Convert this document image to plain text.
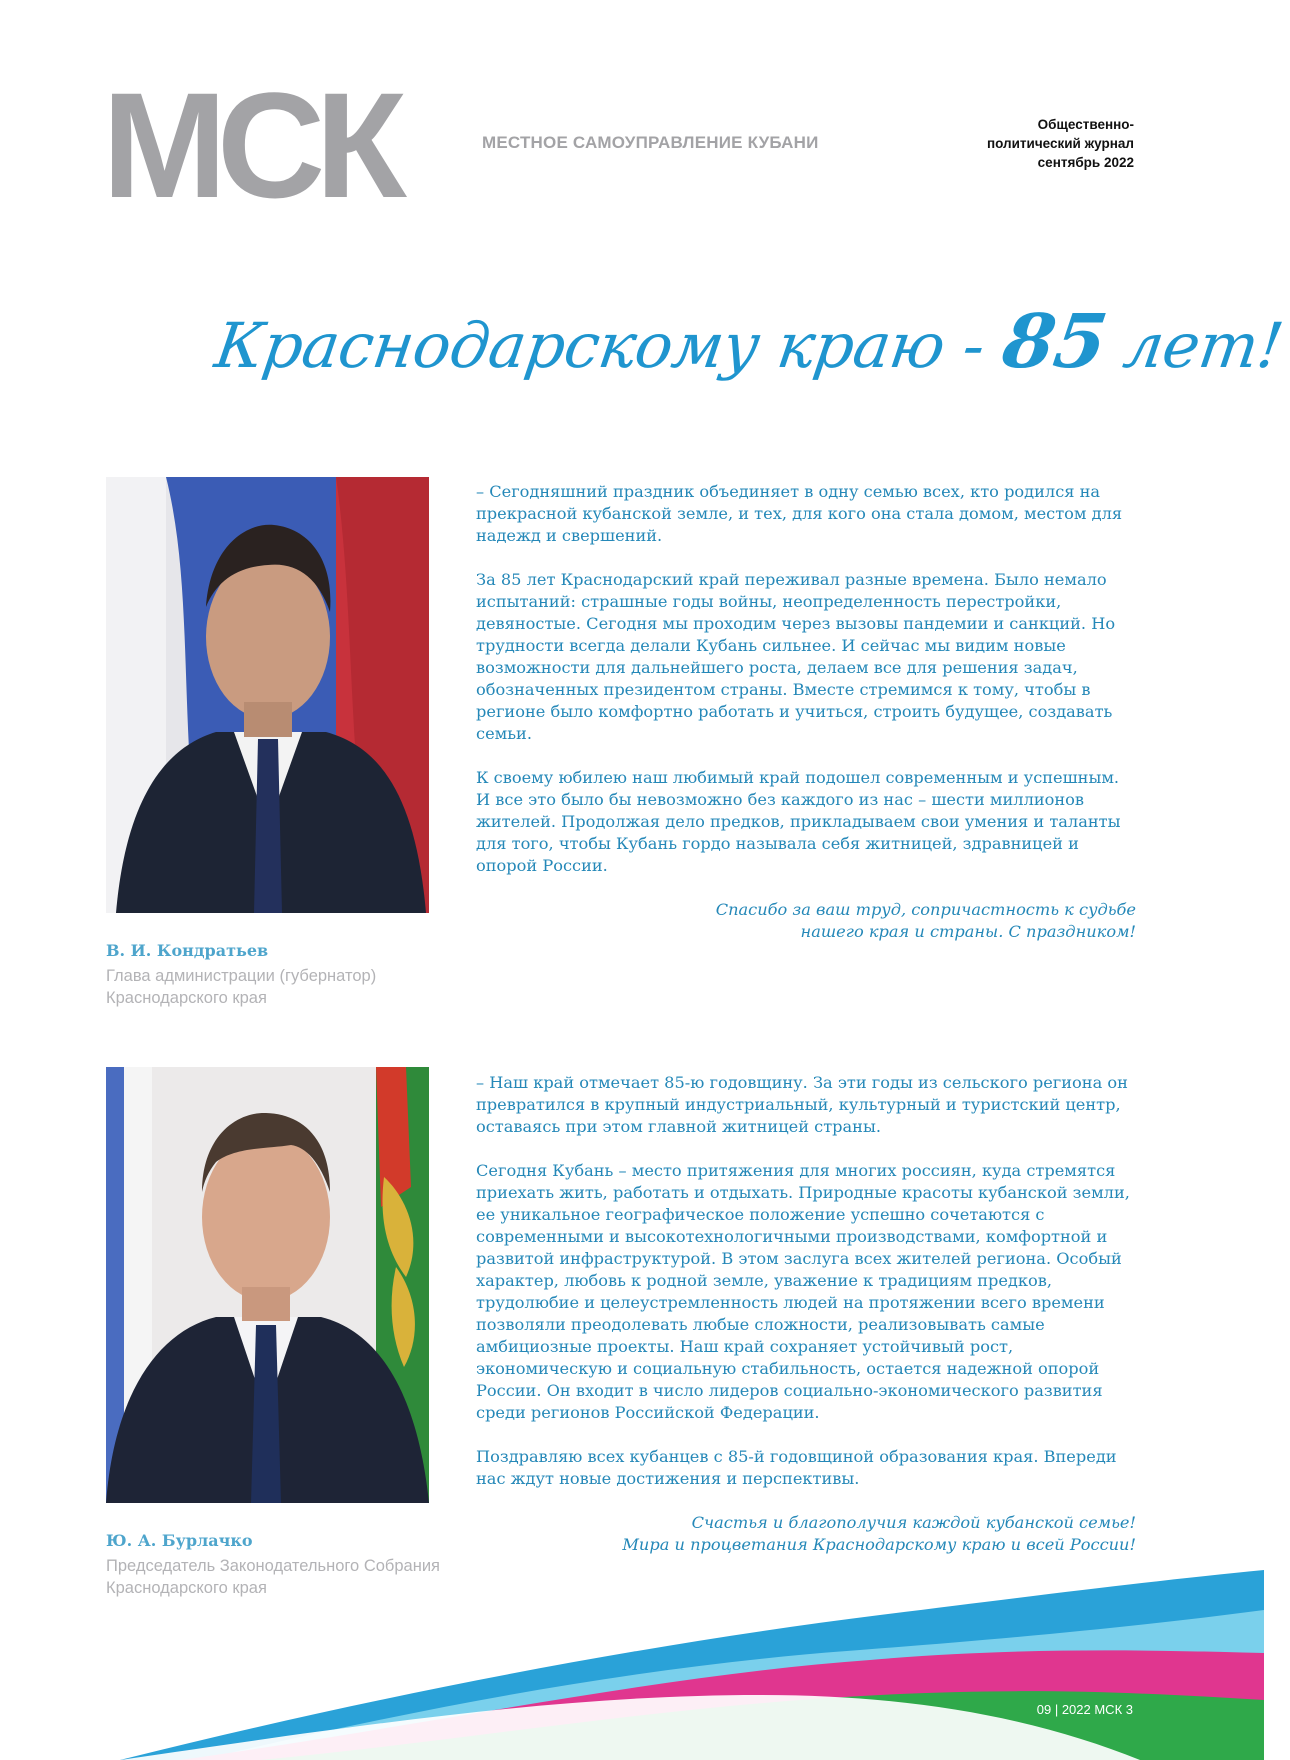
МСК	МЕСТНОЕ САМОУПРАВЛЕНИЕ КУБАНИ
Общественно-
политический журнал
сентябрь 2022
Краснодарскому краю - 85 лет!

В. И. Кондратьев

Глава администрации (губернатор)

Краснодарского края

– Сегодняшний праздник объединяет в одну семью всех, кто родился на прекрасной кубанской земле, и тех, для кого она стала домом, местом для надежд и свершений.

За 85 лет Краснодарский край переживал разные времена. Было немало испытаний: страшные годы войны, неопределенность перестройки, девяностые. Сегодня мы проходим через вызовы пандемии и санкций. Но трудности всегда делали Кубань сильнее. И сейчас мы видим новые возможности для дальнейшего роста, делаем все для решения задач, обозначенных президентом страны. Вместе стремимся к тому, чтобы в регионе было комфортно работать и учиться, строить будущее, создавать семьи.

К своему юбилею наш любимый край подошел современным и успешным. И все это было бы невозможно без каждого из нас – шести миллионов жителей. Продолжая дело предков, прикладываем свои умения и таланты для того, чтобы Кубань гордо называла себя житницей, здравницей и опорой России.

Спасибо за ваш труд, сопричастность к судьбе
нашего края и страны. С праздником!

Ю. А. Бурлачко

Председатель Законодательного Собрания

Краснодарского края

– Наш край отмечает 85-ю годовщину. За эти годы из сельского региона он превратился в крупный индустриальный, культурный и туристский центр, оставаясь при этом главной житницей страны.

Сегодня Кубань – место притяжения для многих россиян, куда стремятся приехать жить, работать и отдыхать. Природные красоты кубанской земли, ее уникальное географическое положение успешно сочетаются с современными и высокотехнологичными производствами, комфортной и развитой инфраструктурой. В этом заслуга всех жителей региона. Особый характер, любовь к родной земле, уважение к традициям предков, трудолюбие и целеустремленность людей на протяжении всего времени позволяли преодолевать любые сложности, реализовывать самые амбициозные проекты. Наш край сохраняет устойчивый рост, экономическую и социальную стабильность, остается надежной опорой России. Он входит в число лидеров социально-экономического развития среди регионов Российской Федерации.

Поздравляю всех кубанцев с 85-й годовщиной образования края. Впереди нас ждут новые достижения и перспективы.

Счастья и благополучия каждой кубанской семье!
Мира и процветания Краснодарскому краю и всей России!

09 | 2022 МСК 3
